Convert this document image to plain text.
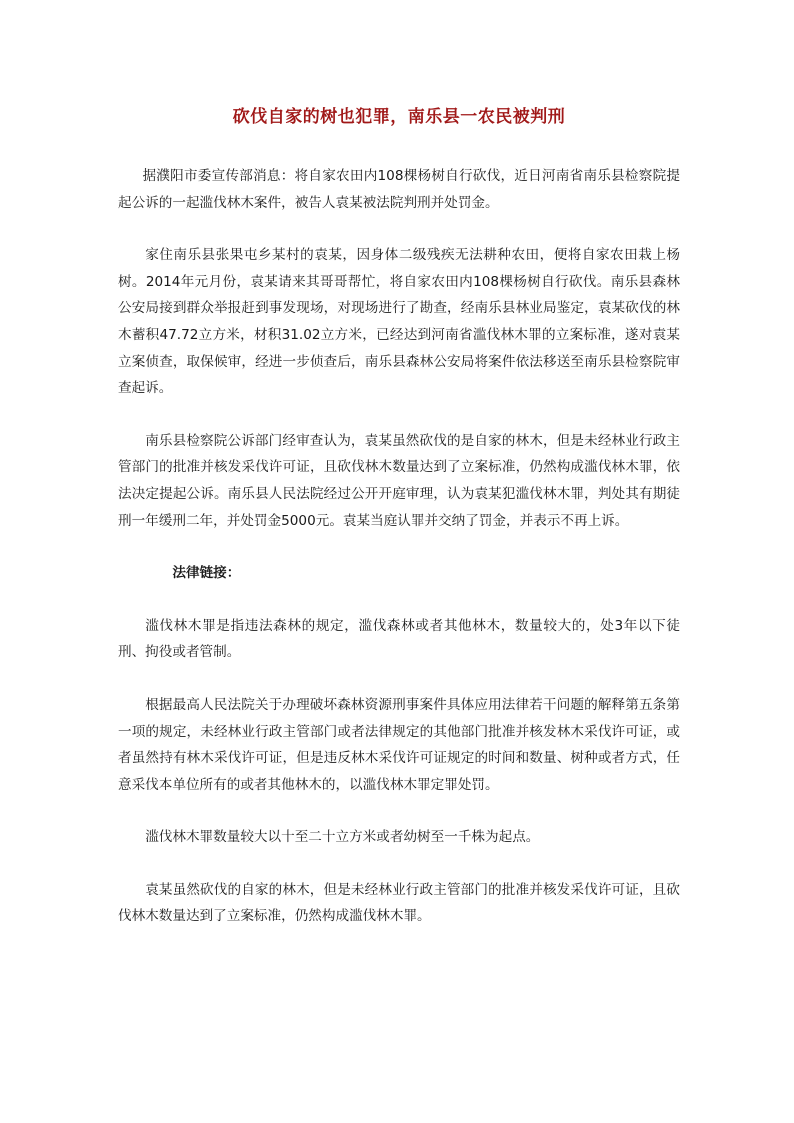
砍伐自家的树也犯罪，南乐县一农民被判刑

据濮阳市委宣传部消息：将自家农田内108棵杨树自行砍伐，近日河南省南乐县检察院提起公诉的一起滥伐林木案件，被告人袁某被法院判刑并处罚金。

家住南乐县张果屯乡某村的袁某，因身体二级残疾无法耕种农田，便将自家农田栽上杨树。2014年元月份，袁某请来其哥哥帮忙，将自家农田内108棵杨树自行砍伐。南乐县森林公安局接到群众举报赶到事发现场，对现场进行了勘查，经南乐县林业局鉴定，袁某砍伐的林木蓄积47.72立方米，材积31.02立方米，已经达到河南省滥伐林木罪的立案标准，遂对袁某立案侦查，取保候审，经进一步侦查后，南乐县森林公安局将案件依法移送至南乐县检察院审查起诉。

南乐县检察院公诉部门经审查认为，袁某虽然砍伐的是自家的林木，但是未经林业行政主管部门的批准并核发采伐许可证，且砍伐林木数量达到了立案标准，仍然构成滥伐林木罪，依法决定提起公诉。南乐县人民法院经过公开开庭审理，认为袁某犯滥伐林木罪，判处其有期徒刑一年缓刑二年，并处罚金5000元。袁某当庭认罪并交纳了罚金，并表示不再上诉。

法律链接：

滥伐林木罪是指违法森林的规定，滥伐森林或者其他林木，数量较大的，处3年以下徒刑、拘役或者管制。

根据最高人民法院关于办理破坏森林资源刑事案件具体应用法律若干问题的解释第五条第一项的规定，未经林业行政主管部门或者法律规定的其他部门批准并核发林木采伐许可证，或者虽然持有林木采伐许可证，但是违反林木采伐许可证规定的时间和数量、树种或者方式，任意采伐本单位所有的或者其他林木的，以滥伐林木罪定罪处罚。

滥伐林木罪数量较大以十至二十立方米或者幼树至一千株为起点。

袁某虽然砍伐的自家的林木，但是未经林业行政主管部门的批准并核发采伐许可证，且砍伐林木数量达到了立案标准，仍然构成滥伐林木罪。
